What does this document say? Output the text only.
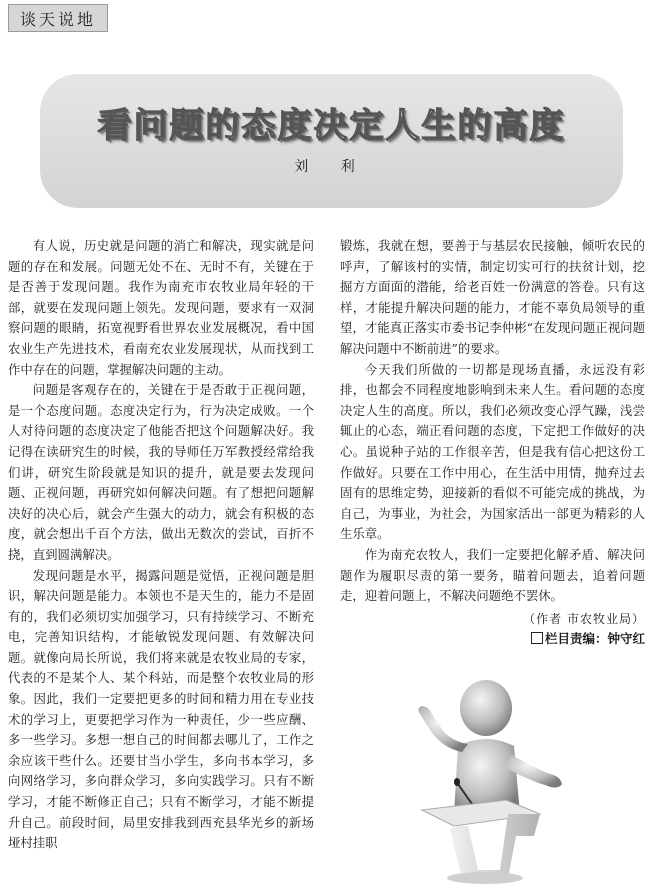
谈天说地
看问题的态度决定人生的高度
刘 利

有人说，历史就是问题的消亡和解决，现实就是问题的存在和发展。问题无处不在、无时不有，关键在于是否善于发现问题。我作为南充市农牧业局年轻的干部，就要在发现问题上领先。发现问题，要求有一双洞察问题的眼睛，拓宽视野看世界农业发展概况，看中国农业生产先进技术，看南充农业发展现状，从而找到工作中存在的问题，掌握解决问题的主动。

问题是客观存在的，关键在于是否敢于正视问题，是一个态度问题。态度决定行为，行为决定成败。一个人对待问题的态度决定了他能否把这个问题解决好。我记得在读研究生的时候，我的导师任万军教授经常给我们讲，研究生阶段就是知识的提升，就是要去发现问题、正视问题，再研究如何解决问题。有了想把问题解决好的决心后，就会产生强大的动力，就会有积极的态度，就会想出千百个方法，做出无数次的尝试，百折不挠，直到圆满解决。

发现问题是水平，揭露问题是觉悟，正视问题是胆识，解决问题是能力。本领也不是天生的，能力不是固有的，我们必须切实加强学习，只有持续学习、不断充电，完善知识结构，才能敏锐发现问题、有效解决问题。就像向局长所说，我们将来就是农牧业局的专家，代表的不是某个人、某个科站，而是整个农牧业局的形象。因此，我们一定要把更多的时间和精力用在专业技术的学习上，更要把学习作为一种责任，少一些应酬、多一些学习。多想一想自己的时间都去哪儿了，工作之余应该干些什么。还要甘当小学生，多向书本学习，多向网络学习，多向群众学习，多向实践学习。只有不断学习，才能不断修正自己；只有不断学习，才能不断提升自己。前段时间，局里安排我到西充县华光乡的新场垭村挂职

锻炼，我就在想，要善于与基层农民接触，倾听农民的呼声，了解该村的实情，制定切实可行的扶贫计划，挖掘方方面面的潜能，给老百姓一份满意的答卷。只有这样，才能提升解决问题的能力，才能不辜负局领导的重望，才能真正落实市委书记李仲彬“在发现问题正视问题解决问题中不断前进”的要求。

今天我们所做的一切都是现场直播，永远没有彩排，也都会不同程度地影响到未来人生。看问题的态度决定人生的高度。所以，我们必须改变心浮气躁，浅尝辄止的心态，端正看问题的态度，下定把工作做好的决心。虽说种子站的工作很辛苦，但是我有信心把这份工作做好。只要在工作中用心，在生活中用情，抛弃过去固有的思维定势，迎接新的看似不可能完成的挑战，为自己，为事业，为社会，为国家活出一部更为精彩的人生乐章。

作为南充农牧人，我们一定要把化解矛盾、解决问题作为履职尽责的第一要务，瞄着问题去，追着问题走，迎着问题上，不解决问题绝不罢休。

（作者 市农牧业局）
栏目责编：钟守红
